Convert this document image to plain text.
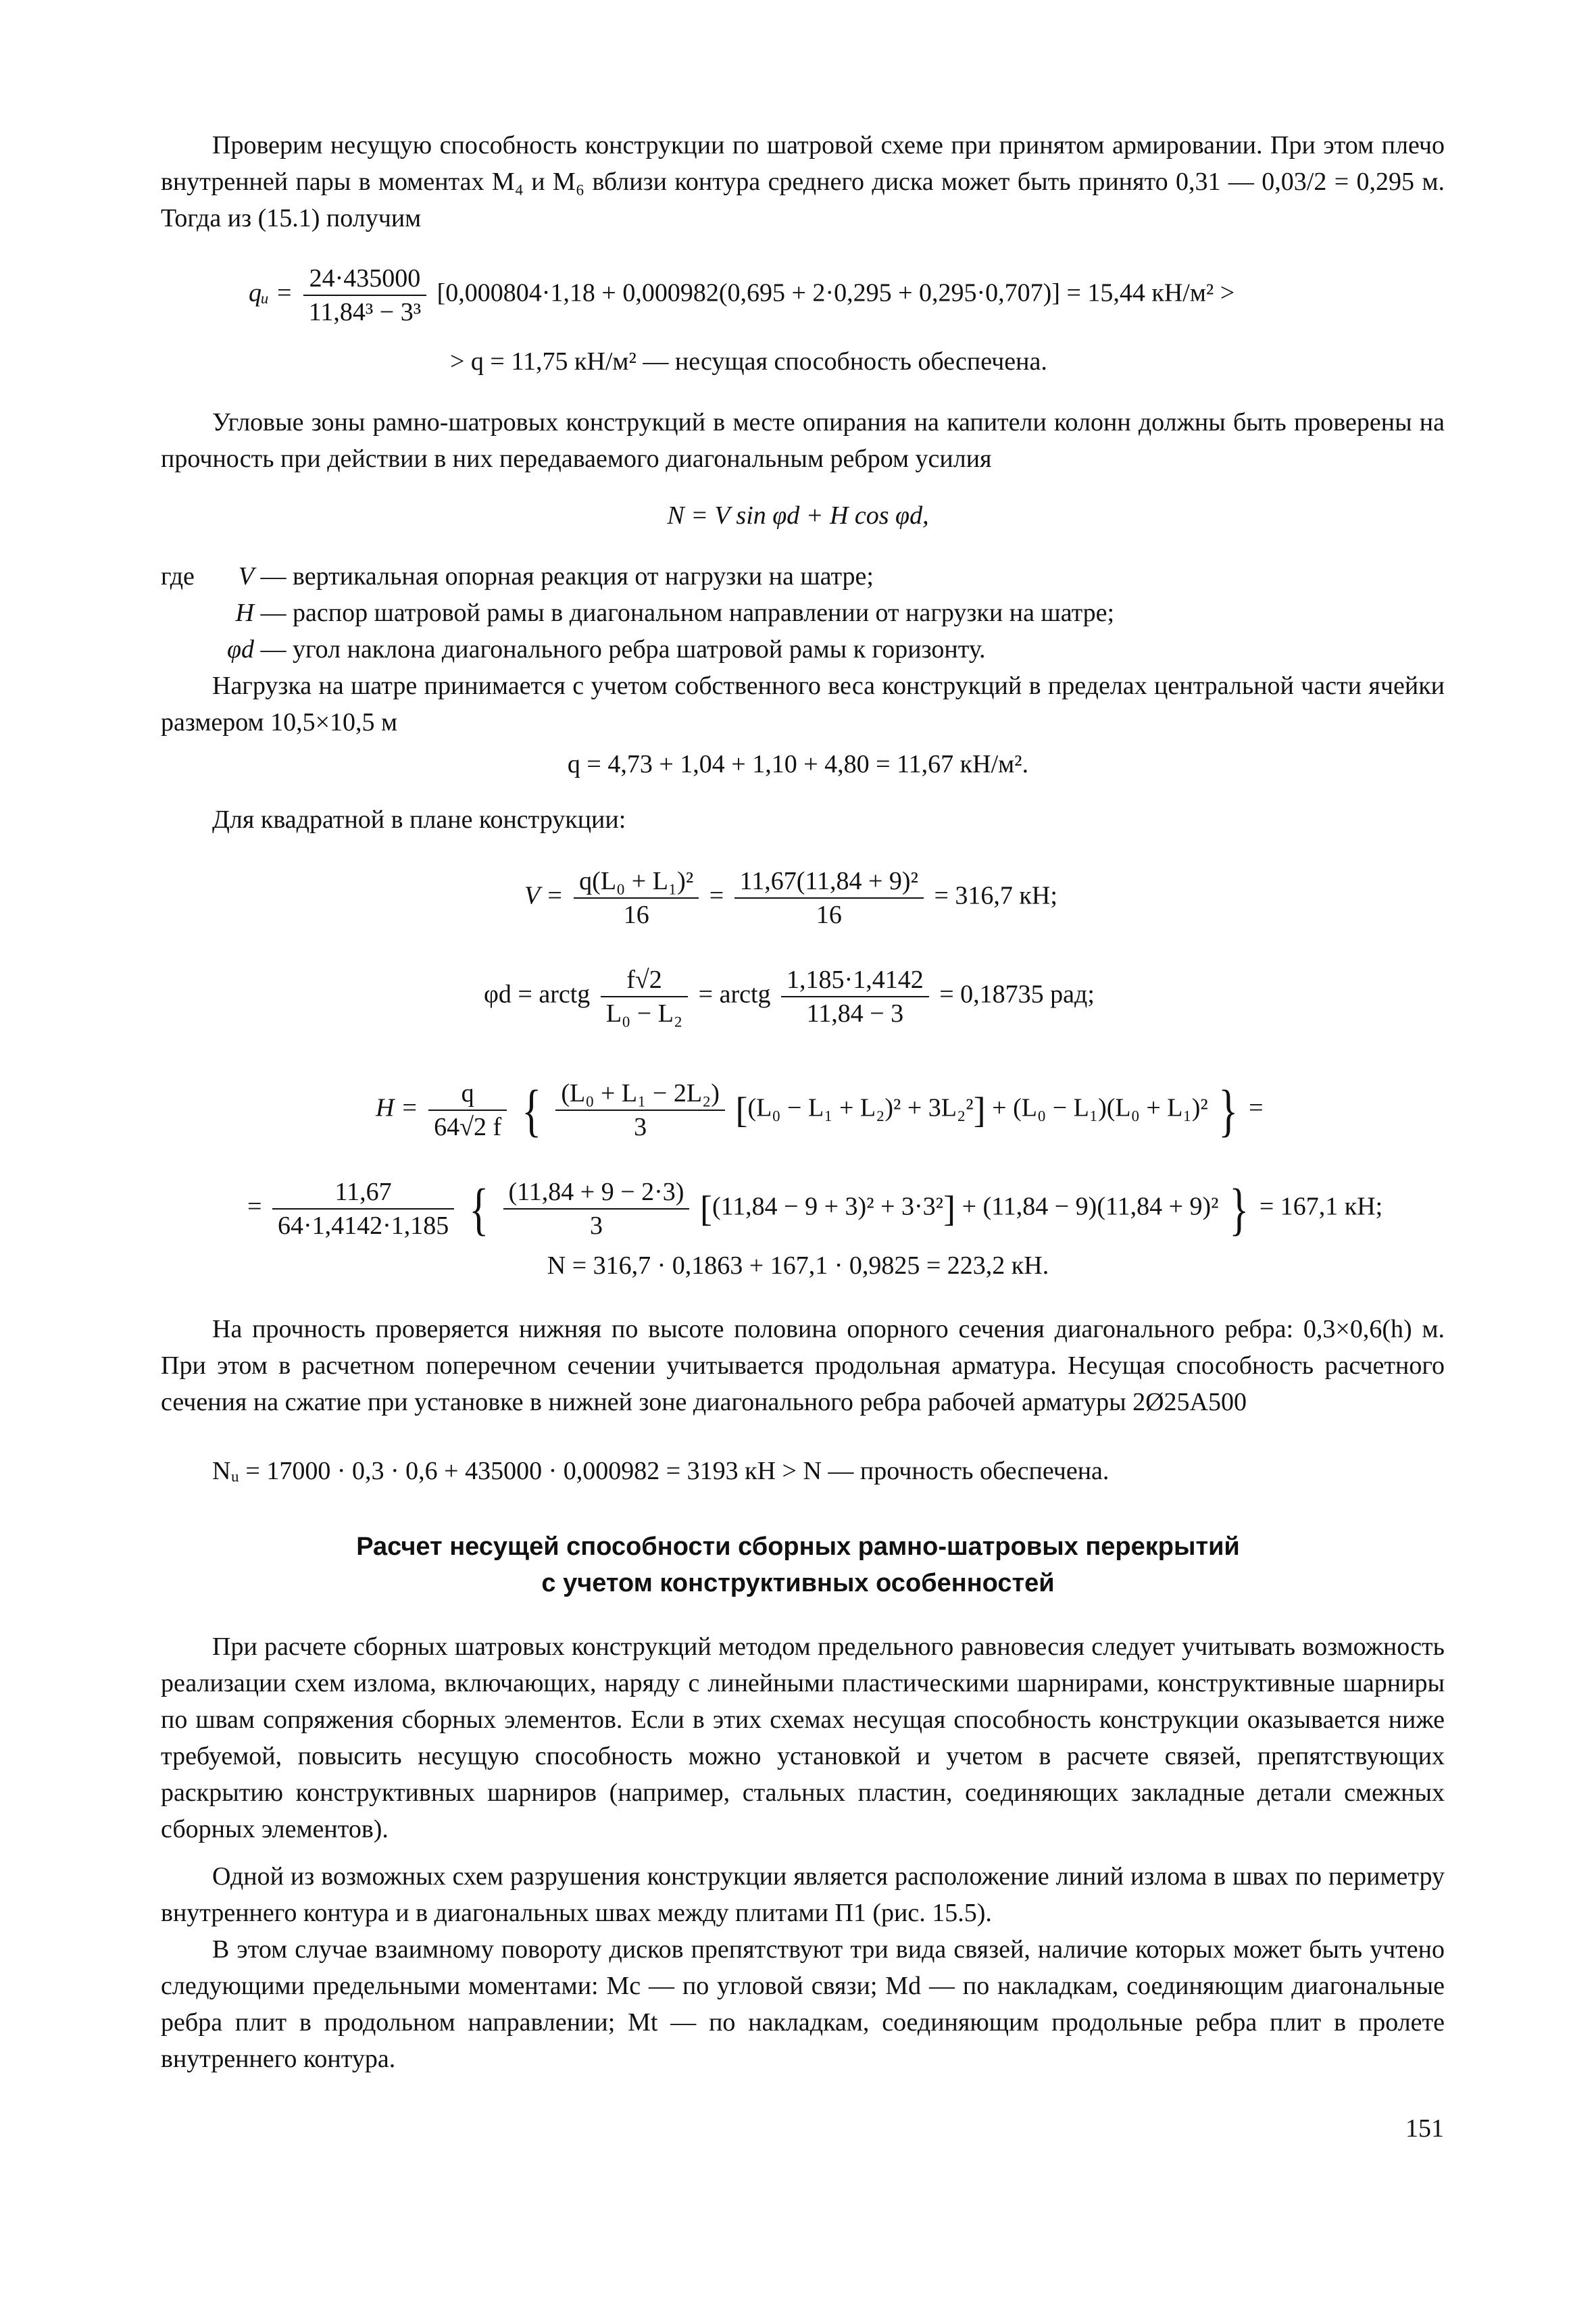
Проверим несущую способность конструкции по шатровой схеме при принятом армировании. При этом плечо внутренней пары в моментах M₄ и M₆ вблизи контура среднего диска может быть принято 0,31 — 0,03/2 = 0,295 м. Тогда из (15.1) получим

qᵤ = $\frac{24\cdot 435000}{\text{11,84³ − 3³}} [0,000804\cdot 1,18 + 0,000982(0,695 + 2\cdot 0,295 + 0,295\cdot 0,707)] = 15,44$ кН/м² >
> q = 11,75 кН/м² — несущая способность обеспечена.

Угловые зоны рамно-шатровых конструкций в месте опирания на капители колонн должны быть проверены на прочность при действии в них передаваемого диагональным ребром усилия

N = V sin φd + H cos φd,
где	V — вертикальная опорная реакция от нагрузки на шатре;
H — распор шатровой рамы в диагональном направлении от нагрузки на шатре;
φd — угол наклона диагонального ребра шатровой рамы к горизонту.

Нагрузка на шатре принимается с учетом собственного веса конструкций в пределах центральной части ячейки размером 10,5×10,5 м

q = 4,73 + 1,04 + 1,10 + 4,80 = 11,67 кН/м².

Для квадратной в плане конструкции:

$V = \frac{\text{q(L₀ + L₁)²}}{16} = \frac{\text{11,67(11,84 + 9)²}}{16} = 316,7$ кН;
φd = arctg $\frac{f√2}{\text{L₀ − L₂}}$ = arctg $\frac{1,185\cdot 1,4142}{11,84 - 3} = 0,18735$ рад;
$H = \frac{q}{64√2 f}$ { $\frac{\text{(L₀ + L₁ − 2L₂)}}{3} [(L_0 - L_1 + L_2)^2 + 3L_2^2] + (L_0 - L_1)(L_0 + L_1)^2$ } =
= $\frac{11,67}{64\cdot 1,4142\cdot 1,185}$ { $\frac{(11,84 + 9 - 2\cdot 3)}{3} [(11,84 - 9 + 3)^2 + 3\cdot 3^2] + (11,84 - 9)(11,84 + 9)^2$ } = 167,1 кН;
N = 316,7 · 0,1863 + 167,1 · 0,9825 = 223,2 кН.

На прочность проверяется нижняя по высоте половина опорного сечения диагонального ребра: 0,3×0,6(h) м. При этом в расчетном поперечном сечении учитывается продольная арматура. Несущая способность расчетного сечения на сжатие при установке в нижней зоне диагонального ребра рабочей арматуры 2Ø25A500

Nᵤ = 17000 · 0,3 · 0,6 + 435000 · 0,000982 = 3193 кН > N — прочность обеспечена.
Расчет несущей способности сборных рамно-шатровых перекрытий
с учетом конструктивных особенностей

При расчете сборных шатровых конструкций методом предельного равновесия следует учитывать возможность реализации схем излома, включающих, наряду с линейными пластическими шарнирами, конструктивные шарниры по швам сопряжения сборных элементов. Если в этих схемах несущая способность конструкции оказывается ниже требуемой, повысить несущую способность можно установкой и учетом в расчете связей, препятствующих раскрытию конструктивных шарниров (например, стальных пластин, соединяющих закладные детали смежных сборных элементов).

Одной из возможных схем разрушения конструкции является расположение линий излома в швах по периметру внутреннего контура и в диагональных швах между плитами П1 (рис. 15.5).

В этом случае взаимному повороту дисков препятствуют три вида связей, наличие которых может быть учтено следующими предельными моментами: Mc — по угловой связи; Md — по накладкам, соединяющим диагональные ребра плит в продольном направлении; Mt — по накладкам, соединяющим продольные ребра плит в пролете внутреннего контура.

151
